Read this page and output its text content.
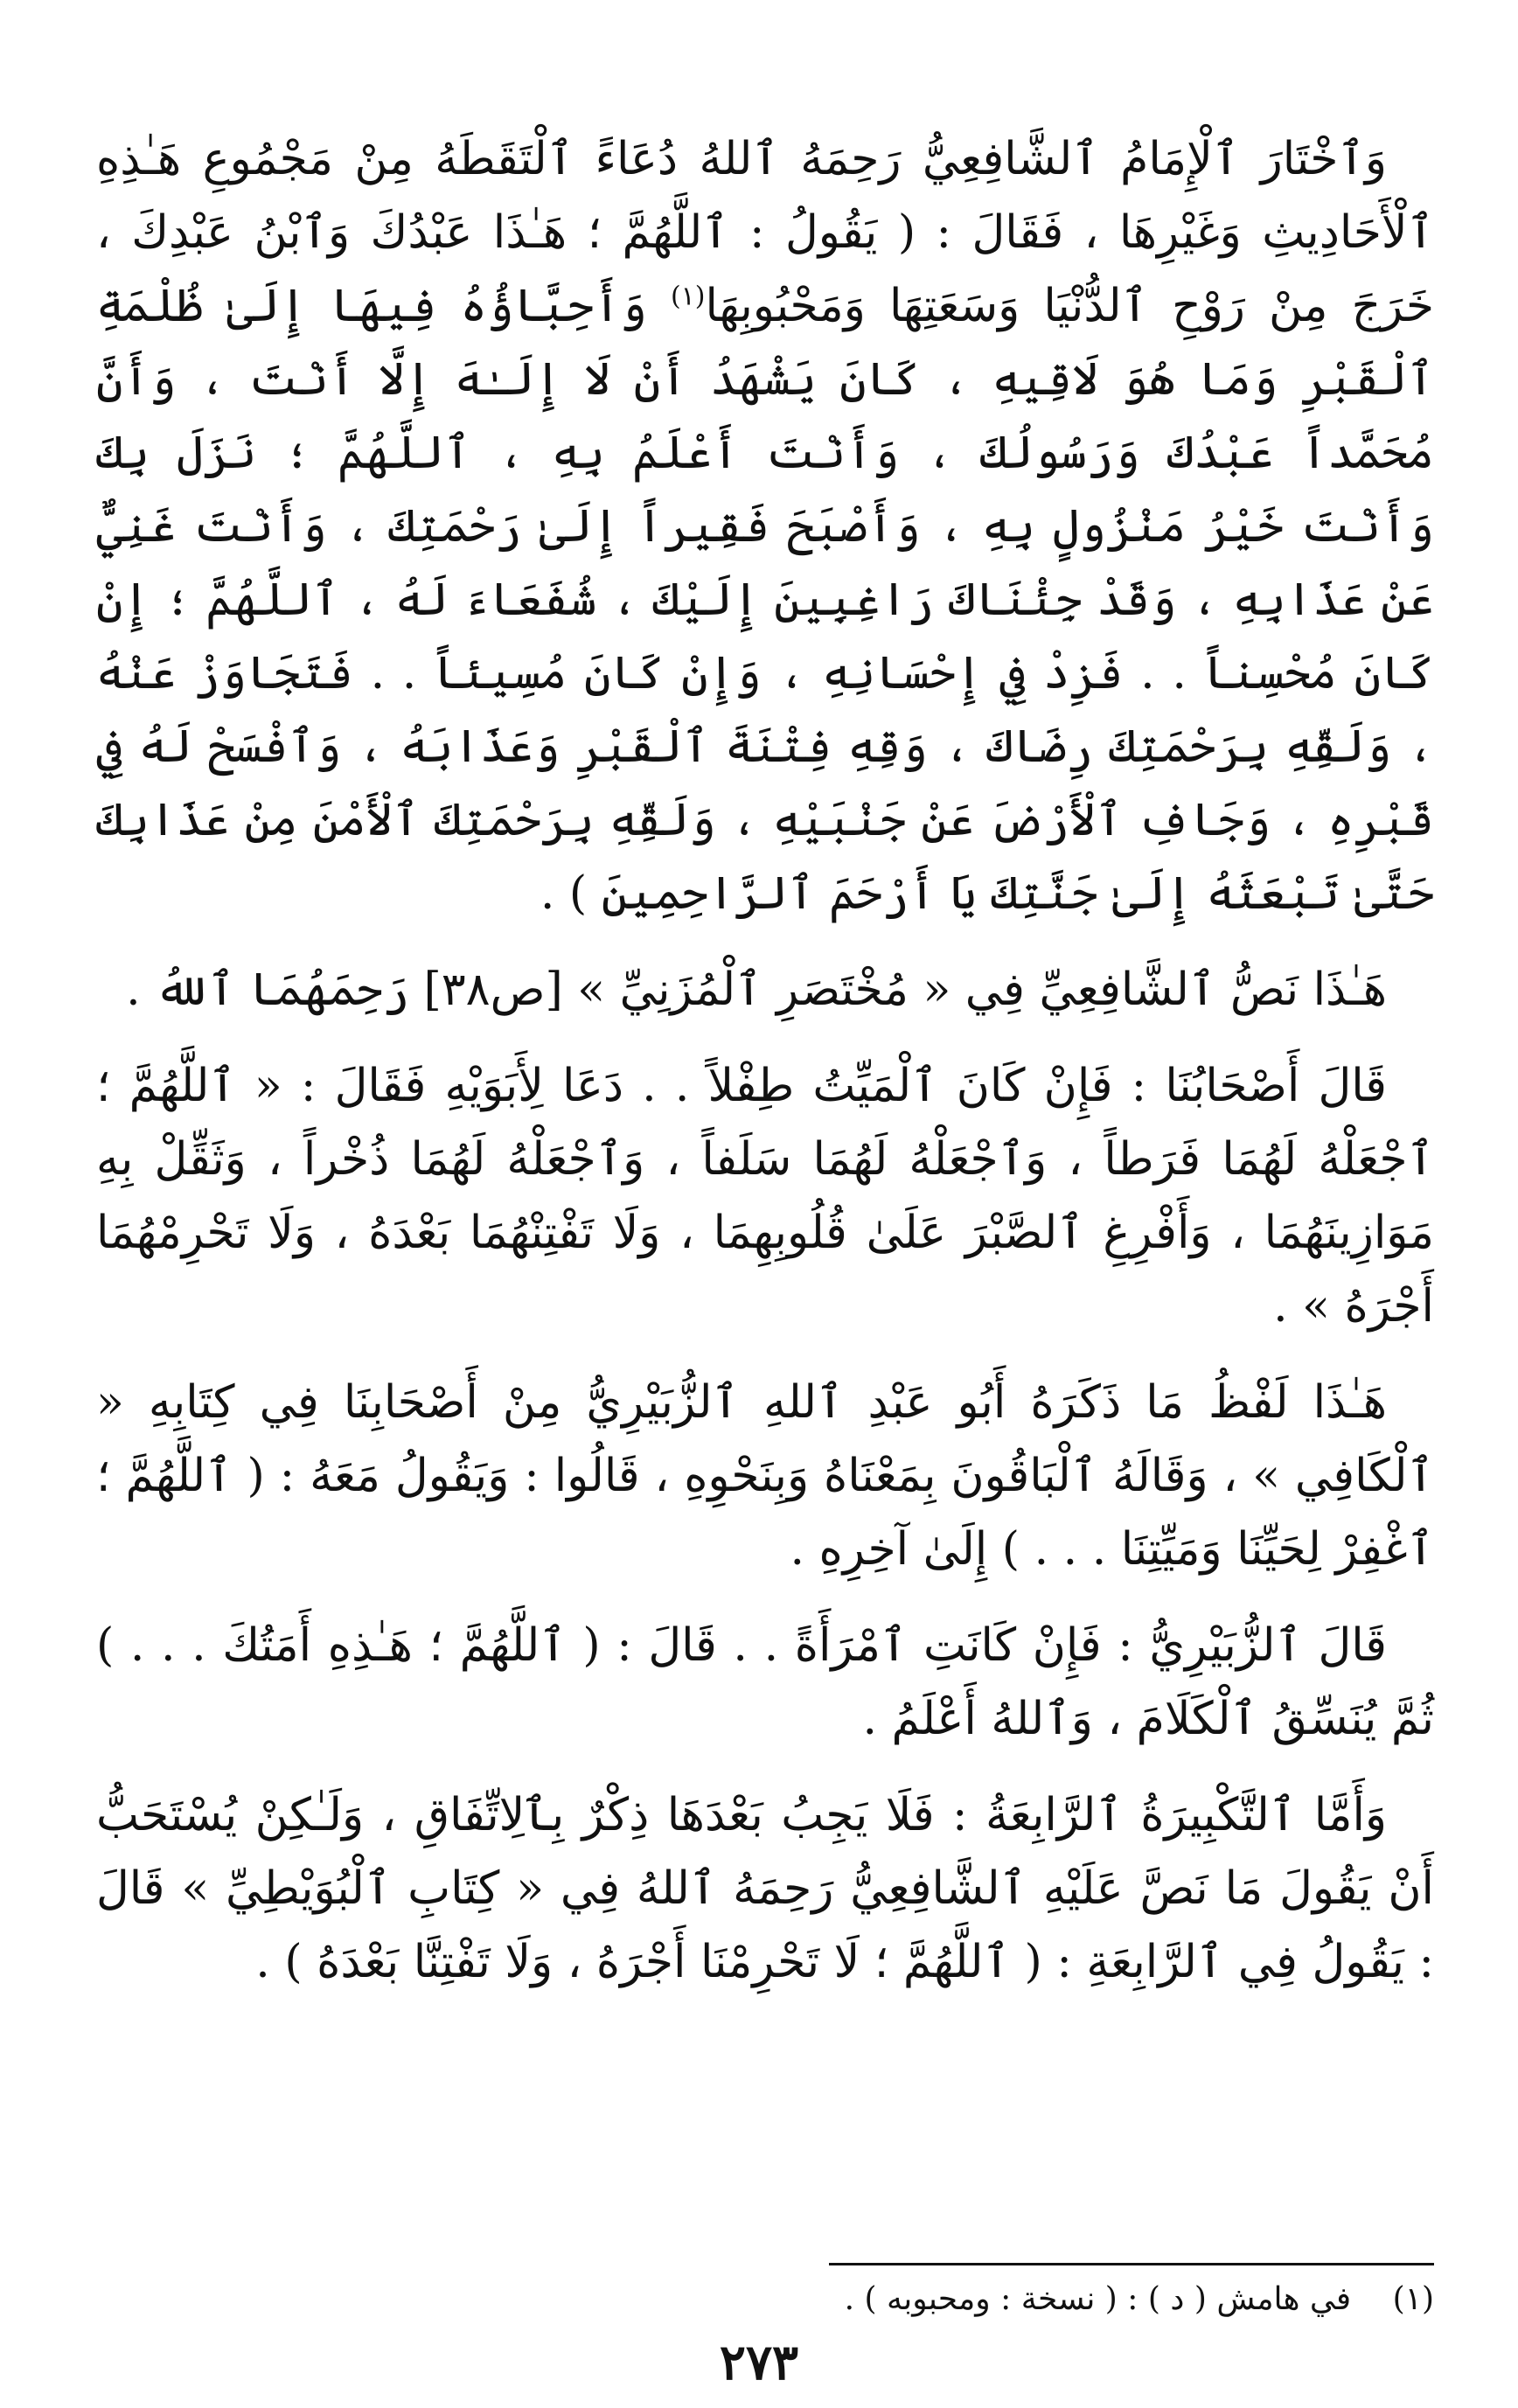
وَٱخْتَارَ ٱلْإِمَامُ ٱلشَّافِعِيُّ رَحِمَهُ ٱللهُ دُعَاءً ٱلْتَقَطَهُ مِنْ مَجْمُوعِ هَـٰذِهِ ٱلْأَحَادِيثِ وَغَيْرِهَا ، فَقَالَ : ( يَقُولُ : ٱللَّهُمَّ ؛ هَـٰذَا عَبْدُكَ وَٱبْنُ عَبْدِكَ ، خَرَجَ مِنْ رَوْحِ ٱلدُّنْيَا وَسَعَتِهَا وَمَحْبُوبِهَا$^{(١)}$ وَأَحِبَّاؤُهُ فِيهَا إِلَىٰ ظُلْمَةِ ٱلْقَبْرِ وَمَا هُوَ لَاقِيهِ ، كَانَ يَشْهَدُ أَنْ لَا إِلَـٰهَ إِلَّا أَنْتَ ، وَأَنَّ مُحَمَّداً عَبْدُكَ وَرَسُولُكَ ، وَأَنْتَ أَعْلَمُ بِهِ ، ٱللَّهُمَّ ؛ نَزَلَ بِكَ وَأَنْتَ خَيْرُ مَنْزُولٍ بِهِ ، وَأَصْبَحَ فَقِيراً إِلَىٰ رَحْمَتِكَ ، وَأَنْتَ غَنِيٌّ عَنْ عَذَابِهِ ، وَقَدْ جِئْنَاكَ رَاغِبِينَ إِلَيْكَ ، شُفَعَاءَ لَهُ ، ٱللَّهُمَّ ؛ إِنْ كَانَ مُحْسِناً . . فَزِدْ فِي إِحْسَانِهِ ، وَإِنْ كَانَ مُسِيئاً . . فَتَجَاوَزْ عَنْهُ ، وَلَقِّهِ بِرَحْمَتِكَ رِضَاكَ ، وَقِهِ فِتْنَةَ ٱلْقَبْرِ وَعَذَابَهُ ، وَٱفْسَحْ لَهُ فِي قَبْرِهِ ، وَجَافِ ٱلْأَرْضَ عَنْ جَنْبَيْهِ ، وَلَقِّهِ بِرَحْمَتِكَ ٱلْأَمْنَ مِنْ عَذَابِكَ حَتَّىٰ تَبْعَثَهُ إِلَىٰ جَنَّتِكَ يَا أَرْحَمَ ٱلرَّاحِمِينَ ) .

هَـٰذَا نَصُّ ٱلشَّافِعِيِّ فِي « مُخْتَصَرِ ٱلْمُزَنِيِّ » [ص٣٨] رَحِمَهُمَا ٱللهُ .

قَالَ أَصْحَابُنَا : فَإِنْ كَانَ ٱلْمَيِّتُ طِفْلاً . . دَعَا لِأَبَوَيْهِ فَقَالَ : « ٱللَّهُمَّ ؛ ٱجْعَلْهُ لَهُمَا فَرَطاً ، وَٱجْعَلْهُ لَهُمَا سَلَفاً ، وَٱجْعَلْهُ لَهُمَا ذُخْراً ، وَثَقِّلْ بِهِ مَوَازِينَهُمَا ، وَأَفْرِغِ ٱلصَّبْرَ عَلَىٰ قُلُوبِهِمَا ، وَلَا تَفْتِنْهُمَا بَعْدَهُ ، وَلَا تَحْرِمْهُمَا أَجْرَهُ » .

هَـٰذَا لَفْظُ مَا ذَكَرَهُ أَبُو عَبْدِ ٱللهِ ٱلزُّبَيْرِيُّ مِنْ أَصْحَابِنَا فِي كِتَابِهِ « ٱلْكَافِي » ، وَقَالَهُ ٱلْبَاقُونَ بِمَعْنَاهُ وَبِنَحْوِهِ ، قَالُوا : وَيَقُولُ مَعَهُ : ( ٱللَّهُمَّ ؛ ٱغْفِرْ لِحَيِّنَا وَمَيِّتِنَا . . . ) إِلَىٰ آخِرِهِ .

قَالَ ٱلزُّبَيْرِيُّ : فَإِنْ كَانَتِ ٱمْرَأَةً . . قَالَ : ( ٱللَّهُمَّ ؛ هَـٰذِهِ أَمَتُكَ . . . ) ثُمَّ يُنَسِّقُ ٱلْكَلَامَ ، وَٱللهُ أَعْلَمُ .

وَأَمَّا ٱلتَّكْبِيرَةُ ٱلرَّابِعَةُ : فَلَا يَجِبُ بَعْدَهَا ذِكْرٌ بِٱلِاتِّفَاقِ ، وَلَـٰكِنْ يُسْتَحَبُّ أَنْ يَقُولَ مَا نَصَّ عَلَيْهِ ٱلشَّافِعِيُّ رَحِمَهُ ٱللهُ فِي « كِتَابِ ٱلْبُوَيْطِيِّ » قَالَ : يَقُولُ فِي ٱلرَّابِعَةِ : ( ٱللَّهُمَّ ؛ لَا تَحْرِمْنَا أَجْرَهُ ، وَلَا تَفْتِنَّا بَعْدَهُ ) .

(١) في هامش ( د ) : ( نسخة : ومحبوبه ) .
٢٧٣
